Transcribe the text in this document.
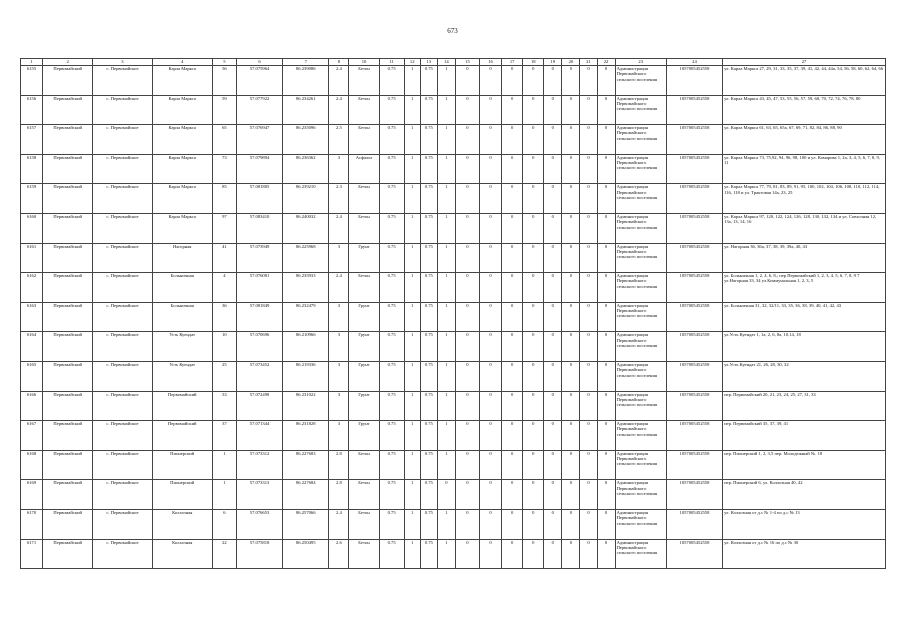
673
1	2	3	4	5	6	7	8	10	11	12	13	14	15	16	17	18	19	20	21	22	23	24	27
6155	Первомайский	с. Первомайское	Карла Маркса	56	57.075964	86.239086	2.4	Бетон	0.75	1	0.75	1	0	0	0	0	0	0	0	0	Администрация Первомайского сельского поселения	1057005452558	ул. Карла Маркса 27, 29, 31, 33, 35, 37, 39, 41, 42, 44, 44а, 54, 56, 58, 60, 62, 64, 66
6156	Первомайский	с. Первомайское	Карла Маркса	59	57.077922	86.234261	2.4	Бетон	0.75	1	0.75	1	0	0	0	0	0	0	0	0	Администрация Первомайского сельского поселения	1057005452558	ул. Карла Маркса 43, 45, 47, 53, 55, 56, 57, 59, 68, 70, 72, 74, 76, 78, 80
6157	Первомайский	с. Первомайское	Карла Маркса	65	57.076947	86.235096	2.5	Бетон	0.75	1	0.75	1	0	0	0	0	0	0	0	0	Администрация Первомайского сельского поселения	1057005452558	ул. Карла Маркса 61, 63, 65, 65а, 67, 69, 71, 82, 84, 86, 88, 90
6158	Первомайский	с. Первомайское	Карла Маркса	73	57.079894	86.236362	3	Асфальт	0.75	1	0.75	1	0	0	0	0	0	0	0	0	Администрация Первомайского сельского поселения	1057005452558	ул. Карла Маркса 73, 75,92, 94, 96, 98, 100 и ул. Комарова 1, 2а, 3, 4, 5, 6, 7, 8, 9, 11
6159	Первомайский	с. Первомайское	Карла Маркса	85	57.081805	86.239210	2.3	Бетон	0.75	1	0.75	1	0	0	0	0	0	0	0	0	Администрация Первомайского сельского поселения	1057005452558	ул. Карла Маркса 77, 79, 81, 83, 89, 91, 95, 100, 102, 104, 106, 108, 110, 112, 114, 116, 118 и ул. Трактовая 14а, 23, 25
6160	Первомайский	с. Первомайское	Карла Маркса	97	57.083410	86.240032	2.4	Бетон	0.75	1	0.75	1	0	0	0	0	0	0	0	0	Администрация Первомайского сельского поселения	1057005452558	ул. Карла Маркса 97, 120, 122, 124, 126, 128, 130, 132, 134 и ул. Совхозная 12, 13а, 13, 14, 16
6161	Первомайский	с. Первомайское	Нагорная	41	57.073949	86.225968	3	Грунт	0.75	1	0.75	1	0	0	0	0	0	0	0	0	Администрация Первомайского сельского поселения	1057005452558	ул. Нагорная 36, 36а, 37, 38, 39, 39а, 40, 43
6162	Первомайский	с. Первомайское	Больничная	4	57.076081	86.235933	2.4	Бетон	0.75	1	0.75	1	0	0	0	0	0	0	0	0	Администрация Первомайского сельского поселения	1057005452558	ул. Больничная 1, 2, 4, 6, 8,; пер Первомайский 1, 2, 3, 4, 5, 6, 7, 8, 9 7 ул.Нагорная 33, 34 ул.Коммунальная 1, 2, 3, 5
6163	Первомайский	с. Первомайское	Больничная	36	57.081849	86.232479	3	Грунт	0.75	1	0.75	1	0	0	0	0	0	0	0	0	Администрация Первомайского сельского поселения	1057005452558	ул. Больничная 31, 32, 32/11, 33, 35, 36, 38, 39, 40, 41, 42, 43
6164	Первомайский	с. Первомайское	Усть Куендат	10	57.070696	86.210966	3	Грунт	0.75	1	0.75	1	0	0	0	0	0	0	0	0	Администрация Первомайского сельского поселения	1057005452558	ул.Усть Куендат 1, 1а, 2, 6, 8а, 10,14, 18
6165	Первомайский	с. Первомайское	Усть Куендат	25	57.073452	86.219336	3	Грунт	0.75	1	0.75	1	0	0	0	0	0	0	0	0	Администрация Первомайского сельского поселения	1057005452558	ул.Усть Куендат 21, 26, 28, 30, 32
6166	Первомайский	с. Первомайское	Первомайский	33	57.072498	86.231022	3	Грунт	0.75	1	0.75	1	0	0	0	0	0	0	0	0	Администрация Первомайского сельского поселения	1057005452558	пер. Первомайский 20, 21, 23, 24, 25, 27, 31, 33
6167	Первомайский	с. Первомайское	Первомайский	37	57.071344	86.231828	3	Грунт	0.75	1	0.75	1	0	0	0	0	0	0	0	0	Администрация Первомайского сельского поселения	1057005452558	пер. Первомайский 35, 37, 39, 41
6168	Первомайский	с. Первомайское	Пионерский	1	57.073312	86.227683	2.8	Бетон	0.75	1	0.75	1	0	0	0	0	0	0	0	0	Администрация Первомайского сельского поселения	1057005452558	пер. Пионерский 1, 2, 3,5 пер. Молодежный №. 18
6169	Первомайский	с. Первомайское	Пионерский	1	57.073313	86.227684	2.8	Бетон	0.75	1	0.75	0	0	0	0	0	0	0	0	0	Администрация Первомайского сельского поселения	1057005452558	пер. Пионерский 6, ул. Колхозная 40, 42
6170	Первомайский	с. Первомайское	Колхозная	6	57.076653	86.257066	2.4	Бетон	0.75	1	0.75	1	0	0	0	0	0	0	0	0	Администрация Первомайского сельского поселения	1057005452558	ул. Колхозная от д.с № 1-4 по д.с № 13
6171	Первомайский	с. Первомайское	Колхозная	22	57.075818	86.250495	2.6	Бетон	0.75	1	0.75	1	0	0	0	0	0	0	0	0	Администрация Первомайского сельского поселения	1057005452558	ул. Колхозная от д.с № 16 по д.с № 30
